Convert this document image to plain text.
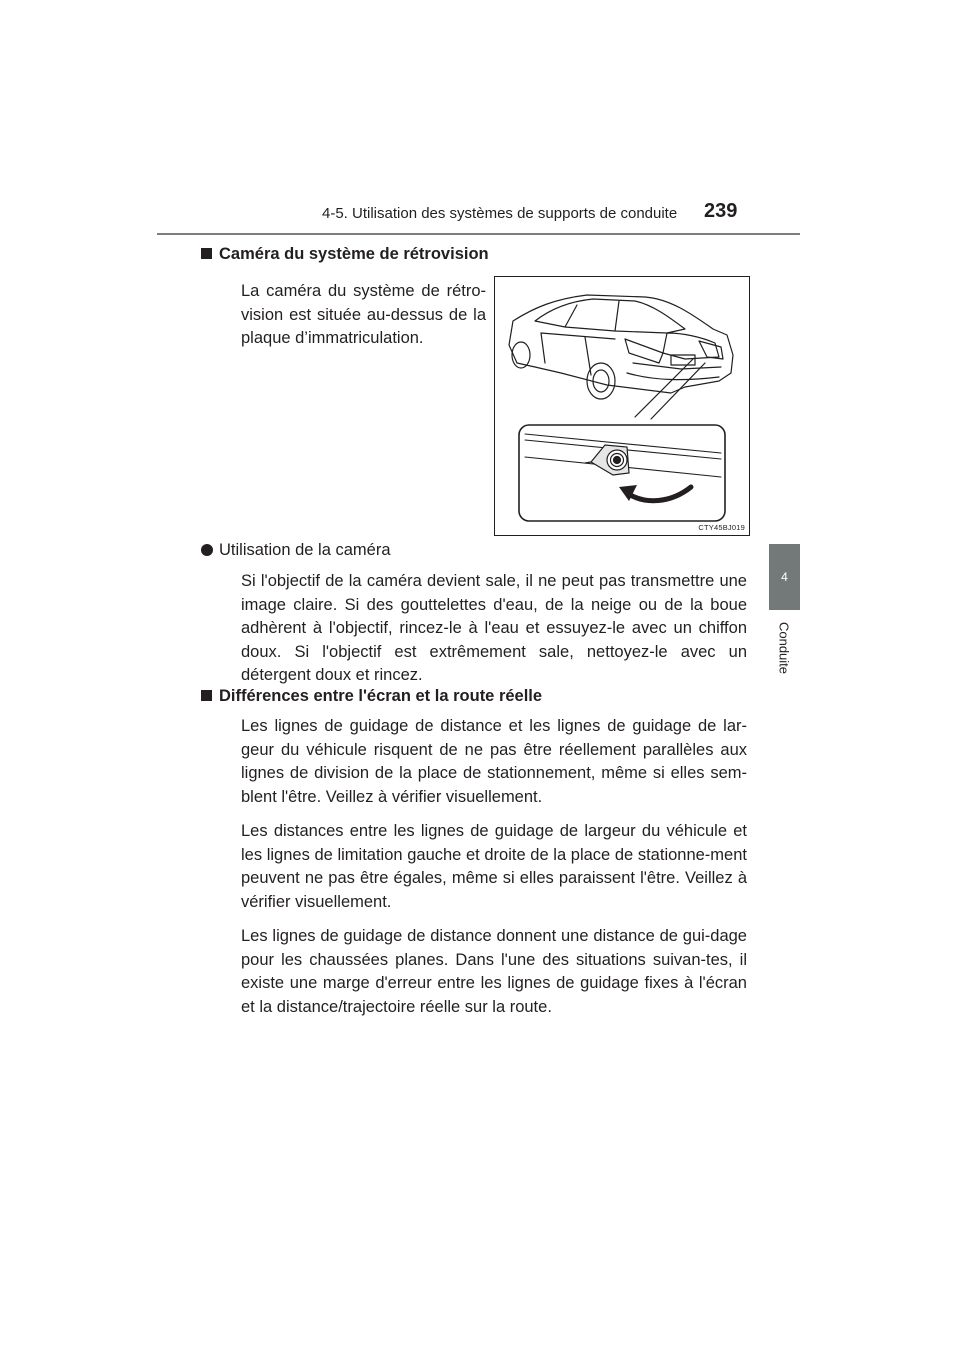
4-5. Utilisation des systèmes de supports de conduite 239
4
Conduite
CTY45BJ019
Caméra du système de rétrovision

La caméra du système de rétro-vision est située au-dessus de la plaque d’immatriculation.

Utilisation de la caméra

Si l'objectif de la caméra devient sale, il ne peut pas transmettre une image claire. Si des gouttelettes d'eau, de la neige ou de la boue adhèrent à l'objectif, rincez-le à l'eau et essuyez-le avec un chiffon doux. Si l'objectif est extrêmement sale, nettoyez-le avec un détergent doux et rincez.

Différences entre l'écran et la route réelle

Les lignes de guidage de distance et les lignes de guidage de lar-geur du véhicule risquent de ne pas être réellement parallèles aux lignes de division de la place de stationnement, même si elles sem-blent l'être. Veillez à vérifier visuellement.

Les distances entre les lignes de guidage de largeur du véhicule et les lignes de limitation gauche et droite de la place de stationne-ment peuvent ne pas être égales, même si elles paraissent l'être. Veillez à vérifier visuellement.

Les lignes de guidage de distance donnent une distance de gui-dage pour les chaussées planes. Dans l'une des situations suivan-tes, il existe une marge d'erreur entre les lignes de guidage fixes à l'écran et la distance/trajectoire réelle sur la route.
